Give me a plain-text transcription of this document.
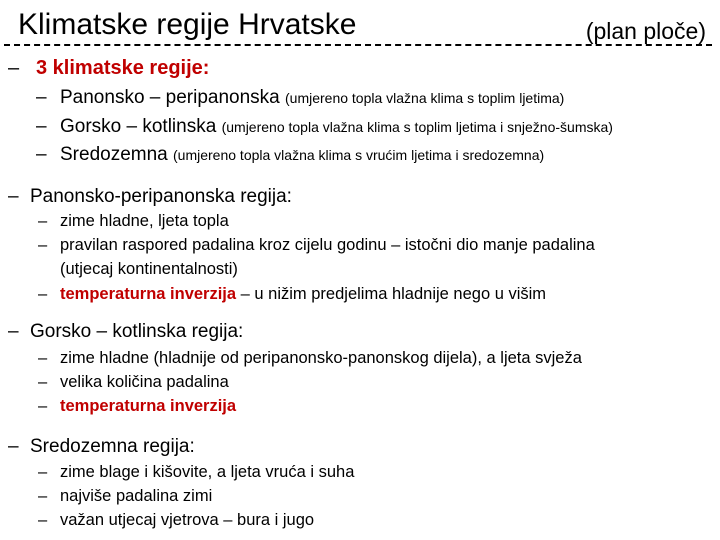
Klimatske regije Hrvatske	(plan ploče)
– 3 klimatske regije:
– Panonsko – peripanonska (umjereno topla vlažna klima s toplim ljetima)
– Gorsko – kotlinska (umjereno topla vlažna klima s toplim ljetima i snježno-šumska)
– Sredozemna (umjereno topla vlažna klima s vrućim ljetima i sredozemna)
– Panonsko-peripanonska regija:
– zime hladne, ljeta topla
– pravilan raspored padalina kroz cijelu godinu – istočni dio manje padalina
(utjecaj kontinentalnosti)
– temperaturna inverzija – u nižim predjelima hladnije nego u višim
– Gorsko – kotlinska regija:
– zime hladne (hladnije od peripanonsko-panonskog dijela), a ljeta svježa
– velika količina padalina
– temperaturna inverzija
– Sredozemna regija:
– zime blage i kišovite, a ljeta vruća i suha
– najviše padalina zimi
– važan utjecaj vjetrova – bura i jugo
